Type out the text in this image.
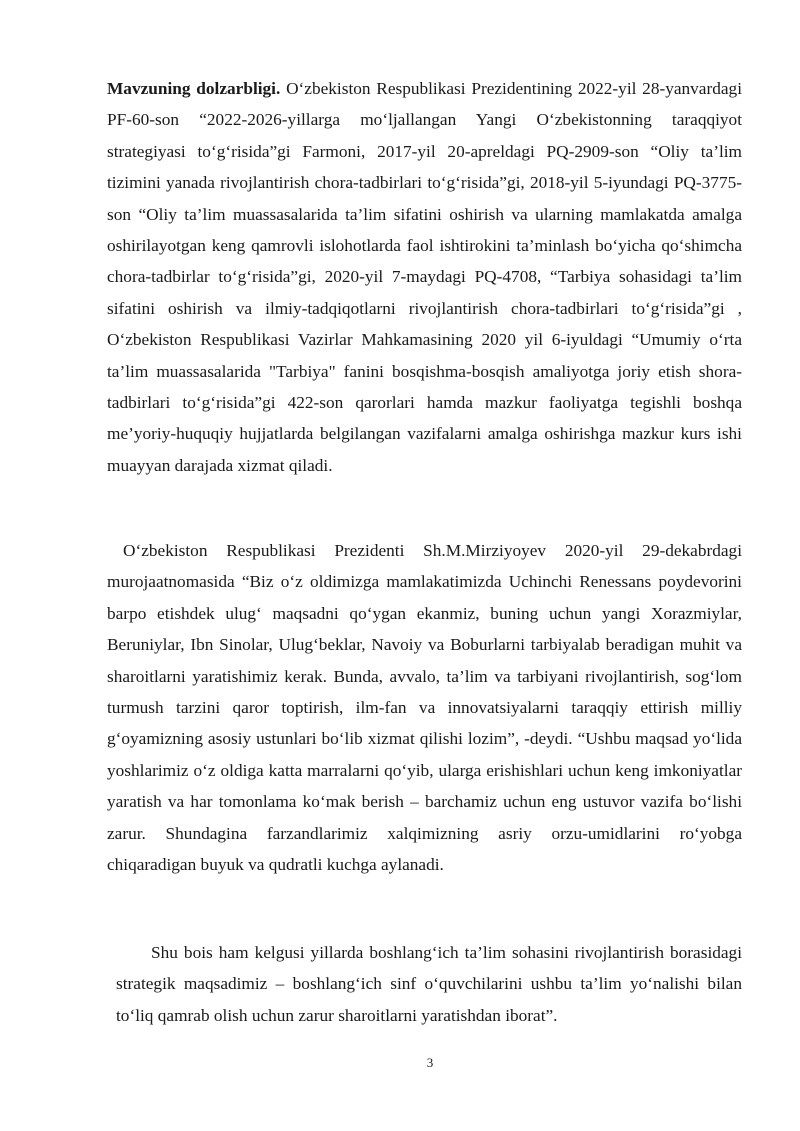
Mavzuning dolzarbligi. O‘zbekiston Respublikasi Prezidentining 2022-yil 28-yanvardagi PF-60-son “2022-2026-yillarga mo‘ljallangan Yangi O‘zbekistonning taraqqiyot strategiyasi to‘g‘risida”gi Farmoni, 2017-yil 20-apreldagi PQ-2909-son “Oliy ta’lim tizimini yanada rivojlantirish chora-tadbirlari to‘g‘risida”gi, 2018-yil 5-iyundagi PQ-3775-son “Oliy ta’lim muassasalarida ta’lim sifatini oshirish va ularning mamlakatda amalga oshirilayotgan keng qamrovli islohotlarda faol ishtirokini ta’minlash bo‘yicha qo‘shimcha chora-tadbirlar to‘g‘risida”gi, 2020-yil 7-maydagi PQ-4708, “Tarbiya sohasidagi ta’lim sifatini oshirish va ilmiy-tadqiqotlarni rivojlantirish chora-tadbirlari to‘g‘risida”gi , O‘zbekiston Respublikasi Vazirlar Mahkamasining 2020 yil 6-iyuldagi “Umumiy o‘rta ta’lim muassasalarida "Tarbiya" fanini bosqishma-bosqish amaliyotga joriy etish shora-tadbirlari to‘g‘risida”gi 422-son qarorlari hamda mazkur faoliyatga tegishli boshqa me’yoriy-huquqiy hujjatlarda belgilangan vazifalarni amalga oshirishga mazkur kurs ishi muayyan darajada xizmat qiladi.

O‘zbekiston Respublikasi Prezidenti Sh.M.Mirziyoyev 2020-yil 29-dekabrdagi murojaatnomasida “Biz o‘z oldimizga mamlakatimizda Uchinchi Renessans poydevorini barpo etishdek ulug‘ maqsadni qo‘ygan ekanmiz, buning uchun yangi Xorazmiylar, Beruniylar, Ibn Sinolar, Ulug‘beklar, Navoiy va Boburlarni tarbiyalab beradigan muhit va sharoitlarni yaratishimiz kerak. Bunda, avvalo, ta’lim va tarbiyani rivojlantirish, sog‘lom turmush tarzini qaror toptirish, ilm-fan va innovatsiyalarni taraqqiy ettirish milliy g‘oyamizning asosiy ustunlari bo‘lib xizmat qilishi lozim”, -deydi. “Ushbu maqsad yo‘lida yoshlarimiz o‘z oldiga katta marralarni qo‘yib, ularga erishishlari uchun keng imkoniyatlar yaratish va har tomonlama ko‘mak berish – barchamiz uchun eng ustuvor vazifa bo‘lishi zarur. Shundagina farzandlarimiz xalqimizning asriy orzu-umidlarini ro‘yobga chiqaradigan buyuk va qudratli kuchga aylanadi.

Shu bois ham kelgusi yillarda boshlang‘ich ta’lim sohasini rivojlantirish borasidagi strategik maqsadimiz – boshlang‘ich sinf o‘quvchilarini ushbu ta’lim yo‘nalishi bilan to‘liq qamrab olish uchun zarur sharoitlarni yaratishdan iborat”.

3
